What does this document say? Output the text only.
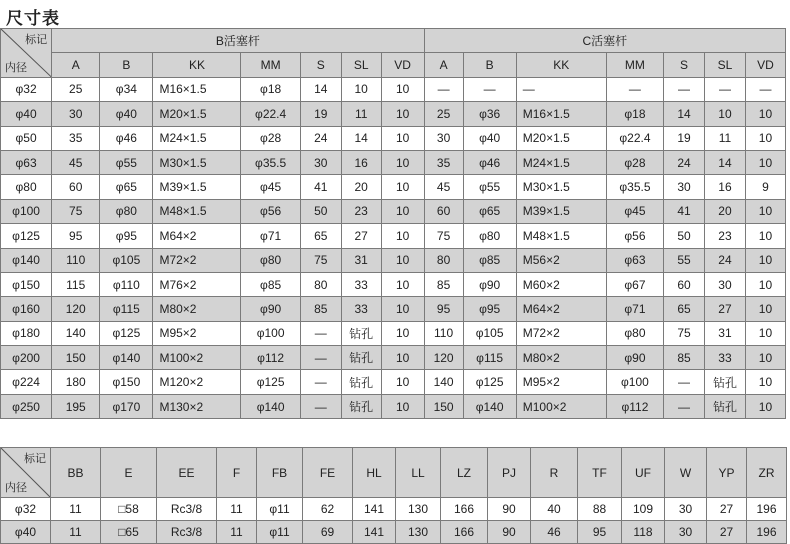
尺寸表
标记
内径	B活塞杆							C活塞杆						
	A	B	KK	MM	S	SL	VD	A	B	KK	MM	S	SL	VD
φ32	25	φ34	M16×1.5	φ18	14	10	10	—	—	—	—	—	—	—
φ40	30	φ40	M20×1.5	φ22.4	19	11	10	25	φ36	M16×1.5	φ18	14	10	10
φ50	35	φ46	M24×1.5	φ28	24	14	10	30	φ40	M20×1.5	φ22.4	19	11	10
φ63	45	φ55	M30×1.5	φ35.5	30	16	10	35	φ46	M24×1.5	φ28	24	14	10
φ80	60	φ65	M39×1.5	φ45	41	20	10	45	φ55	M30×1.5	φ35.5	30	16	9
φ100	75	φ80	M48×1.5	φ56	50	23	10	60	φ65	M39×1.5	φ45	41	20	10
φ125	95	φ95	M64×2	φ71	65	27	10	75	φ80	M48×1.5	φ56	50	23	10
φ140	110	φ105	M72×2	φ80	75	31	10	80	φ85	M56×2	φ63	55	24	10
φ150	115	φ110	M76×2	φ85	80	33	10	85	φ90	M60×2	φ67	60	30	10
φ160	120	φ115	M80×2	φ90	85	33	10	95	φ95	M64×2	φ71	65	27	10
φ180	140	φ125	M95×2	φ100	—	钻孔	10	110	φ105	M72×2	φ80	75	31	10
φ200	150	φ140	M100×2	φ112	—	钻孔	10	120	φ115	M80×2	φ90	85	33	10
φ224	180	φ150	M120×2	φ125	—	钻孔	10	140	φ125	M95×2	φ100	—	钻孔	10
φ250	195	φ170	M130×2	φ140	—	钻孔	10	150	φ140	M100×2	φ112	—	钻孔	10
标记
内径	BB	E	EE	F	FB	FE	HL	LL	LZ	PJ	R	TF	UF	W	YP	ZR
φ32	11	□58	Rc3/8	11	φ11	62	141	130	166	90	40	88	109	30	27	196
φ40	11	□65	Rc3/8	11	φ11	69	141	130	166	90	46	95	118	30	27	196
